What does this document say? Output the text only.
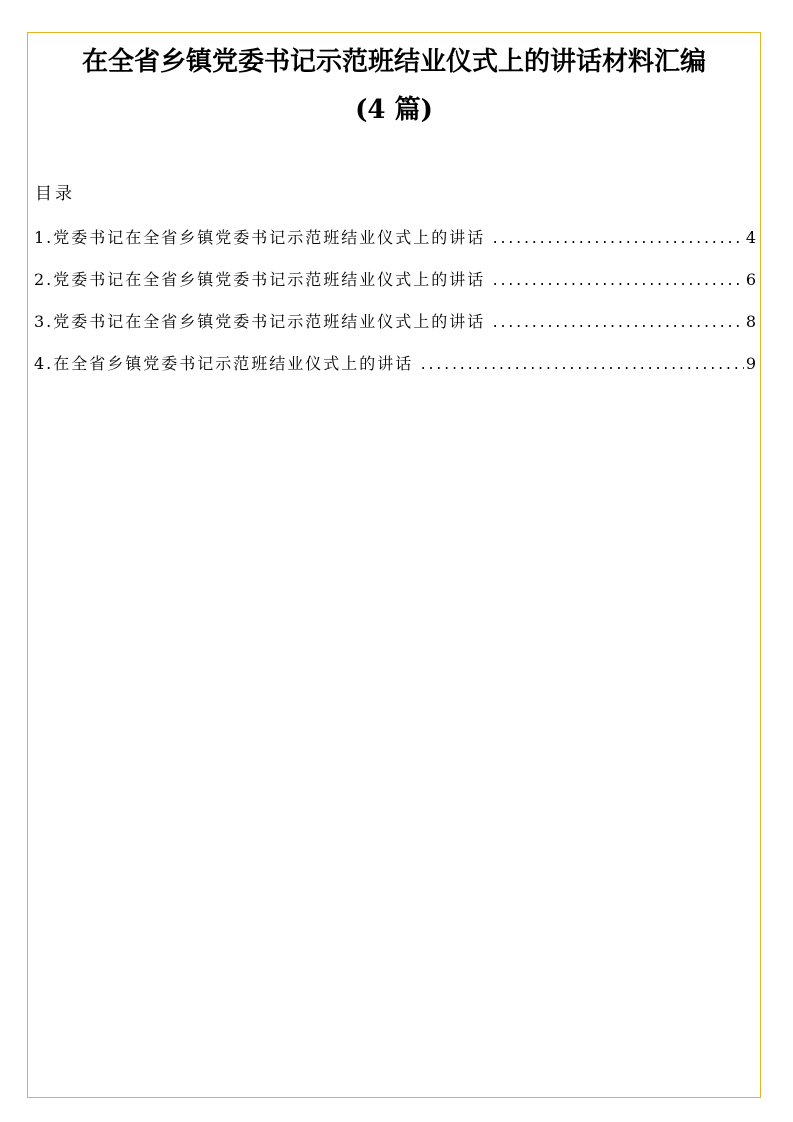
在全省乡镇党委书记示范班结业仪式上的讲话材料汇编
(4 篇)
目录
1.党委书记在全省乡镇党委书记示范班结业仪式上的讲话 .....	4
2.党委书记在全省乡镇党委书记示范班结业仪式上的讲话 .....	6
3.党委书记在全省乡镇党委书记示范班结业仪式上的讲话 .....	8
4.在全省乡镇党委书记示范班结业仪式上的讲话 .....	9
